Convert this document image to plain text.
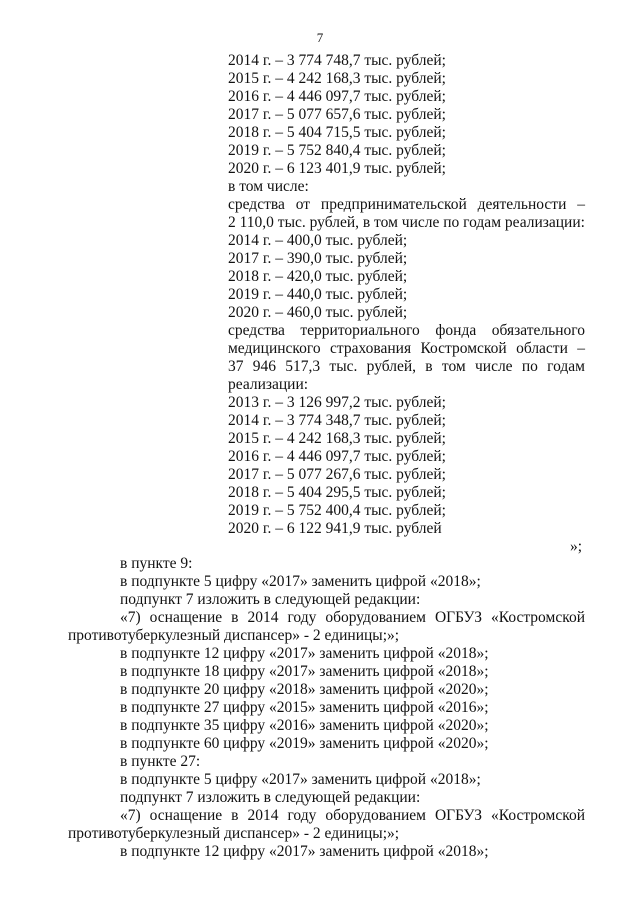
7
2014 г. – 3 774 748,7 тыс. рублей;
2015 г. – 4 242 168,3 тыс. рублей;
2016 г. – 4 446 097,7 тыс. рублей;
2017 г. – 5 077 657,6 тыс. рублей;
2018 г. – 5 404 715,5 тыс. рублей;
2019 г. – 5 752 840,4 тыс. рублей;
2020 г. – 6 123 401,9 тыс. рублей;
в том числе:
средства от предпринимательской деятельности –
2 110,0 тыс. рублей, в том числе по годам реализации:
2014 г. – 400,0 тыс. рублей;
2017 г. – 390,0 тыс. рублей;
2018 г. – 420,0 тыс. рублей;
2019 г. – 440,0 тыс. рублей;
2020 г. – 460,0 тыс. рублей;
средства территориального фонда обязательного
медицинского страхования Костромской области –
37 946 517,3 тыс. рублей, в том числе по годам
реализации:
2013 г. – 3 126 997,2 тыс. рублей;
2014 г. – 3 774 348,7 тыс. рублей;
2015 г. – 4 242 168,3 тыс. рублей;
2016 г. – 4 446 097,7 тыс. рублей;
2017 г. – 5 077 267,6 тыс. рублей;
2018 г. – 5 404 295,5 тыс. рублей;
2019 г. – 5 752 400,4 тыс. рублей;
2020 г. – 6 122 941,9 тыс. рублей
»;
в пункте 9:
в подпункте 5 цифру «2017» заменить цифрой «2018»;
подпункт 7 изложить в следующей редакции:
«7) оснащение в 2014 году оборудованием ОГБУЗ «Костромской
противотуберкулезный диспансер» - 2 единицы;»;
в подпункте 12 цифру «2017» заменить цифрой «2018»;
в подпункте 18 цифру «2017» заменить цифрой «2018»;
в подпункте 20 цифру «2018» заменить цифрой «2020»;
в подпункте 27 цифру «2015» заменить цифрой «2016»;
в подпункте 35 цифру «2016» заменить цифрой «2020»;
в подпункте 60 цифру «2019» заменить цифрой «2020»;
в пункте 27:
в подпункте 5 цифру «2017» заменить цифрой «2018»;
подпункт 7 изложить в следующей редакции:
«7) оснащение в 2014 году оборудованием ОГБУЗ «Костромской
противотуберкулезный диспансер» - 2 единицы;»;
в подпункте 12 цифру «2017» заменить цифрой «2018»;
